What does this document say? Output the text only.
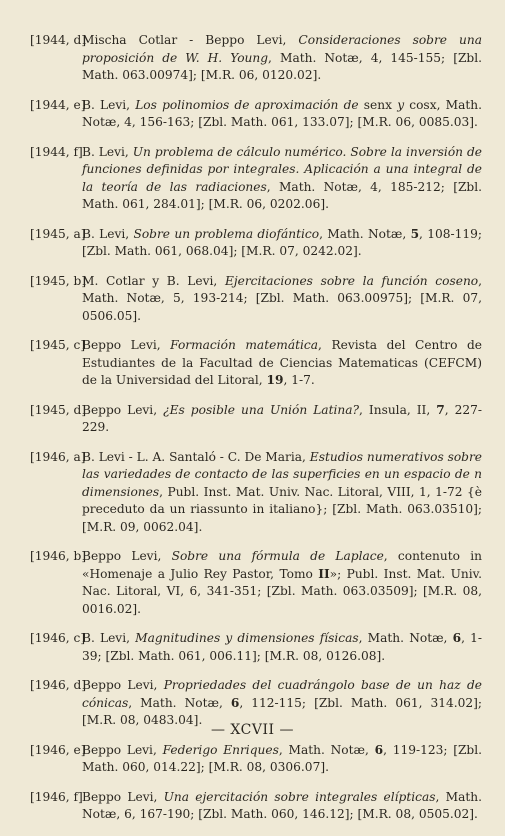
[1944, d]
Mischa Cotlar - Beppo Levi, Consideraciones sobre una proposición de W. H. Young, Math. Notæ, 4, 145-155; [Zbl. Math. 063.00974]; [M.R. 06, 0120.02].
[1944, e]
B. Levi, Los polinomios de aproximación de senx y cosx, Math. Notæ, 4, 156-163; [Zbl. Math. 061, 133.07]; [M.R. 06, 0085.03].
[1944, f] B. Levi, Un problema de cálculo numérico. Sobre la inversión de funciones definidas por integrales. Aplicación a una integral de la teoría de las radiaciones, Math. Notæ, 4, 185-212; [Zbl. Math. 061, 284.01]; [M.R. 06, 0202.06].
[1945, a]
B. Levi, Sobre un problema diofántico, Math. Notæ, 5, 108-119; [Zbl. Math. 061, 068.04]; [M.R. 07, 0242.02].
[1945, b]
M. Cotlar y B. Levi, Ejercitaciones sobre la función coseno, Math. Notæ, 5, 193-214; [Zbl. Math. 063.00975]; [M.R. 07, 0506.05].
[1945, c]
Beppo Levi, Formación matemática, Revista del Centro de Estudiantes de la Facultad de Ciencias Matematicas (CEFCM) de la Universidad del Litoral, 19, 1-7.
[1945, d]
Beppo Levi, ¿Es posible una Unión Latina?, Insula, II, 7, 227-229.
[1946, a]
B. Levi - L. A. Santaló - C. De Maria, Estudios numerativos sobre las variedades de contacto de las superficies en un espacio de n dimensiones, Publ. Inst. Mat. Univ. Nac. Litoral, VIII, 1, 1-72 {è preceduto da un riassunto in italiano}; [Zbl. Math. 063.03510]; [M.R. 09, 0062.04].
[1946, b]
Beppo Levi, Sobre una fórmula de Laplace, contenuto in «Homenaje a Julio Rey Pastor, Tomo II»; Publ. Inst. Mat. Univ. Nac. Litoral, VI, 6, 341-351; [Zbl. Math. 063.03509]; [M.R. 08, 0016.02].
[1946, c]
B. Levi, Magnitudines y dimensiones físicas, Math. Notæ, 6, 1-39; [Zbl. Math. 061, 006.11]; [M.R. 08, 0126.08].
[1946, d]
Beppo Levi, Propriedades del cuadrángolo base de un haz de cónicas, Math. Notæ, 6, 112-115; [Zbl. Math. 061, 314.02]; [M.R. 08, 0483.04].
[1946, e]
Beppo Levi, Federigo Enriques, Math. Notæ, 6, 119-123; [Zbl. Math. 060, 014.22]; [M.R. 08, 0306.07].
[1946, f] Beppo Levi, Una ejercitación sobre integrales elípticas, Math. Notæ, 6, 167-190; [Zbl. Math. 060, 146.12]; [M.R. 08, 0505.02].
— XCVII —
